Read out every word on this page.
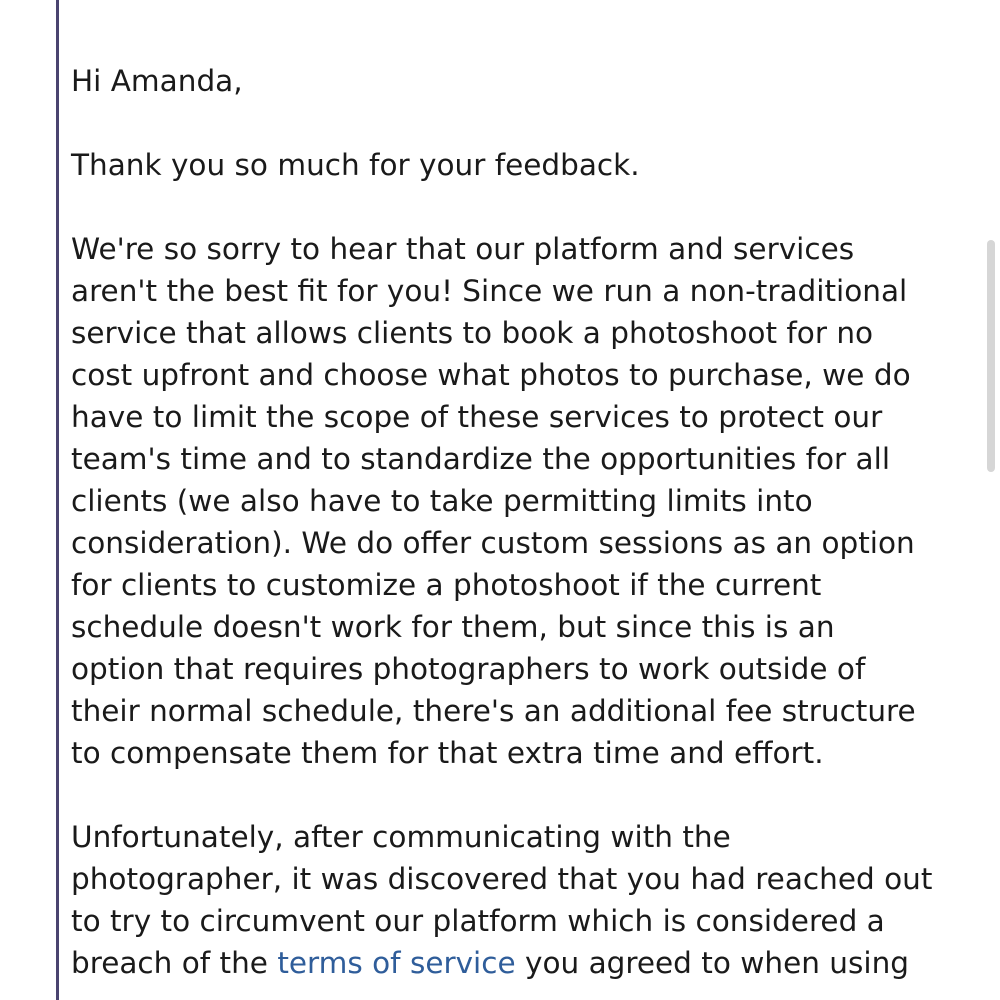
Hi Amanda,

Thank you so much for your feedback.

We're so sorry to hear that our platform and services
aren't the best fit for you! Since we run a non-traditional
service that allows clients to book a photoshoot for no
cost upfront and choose what photos to purchase, we do
have to limit the scope of these services to protect our
team's time and to standardize the opportunities for all
clients (we also have to take permitting limits into
consideration). We do offer custom sessions as an option
for clients to customize a photoshoot if the current
schedule doesn't work for them, but since this is an
option that requires photographers to work outside of
their normal schedule, there's an additional fee structure
to compensate them for that extra time and effort.

Unfortunately, after communicating with the
photographer, it was discovered that you had reached out
to try to circumvent our platform which is considered a
breach of the terms of service you agreed to when using
